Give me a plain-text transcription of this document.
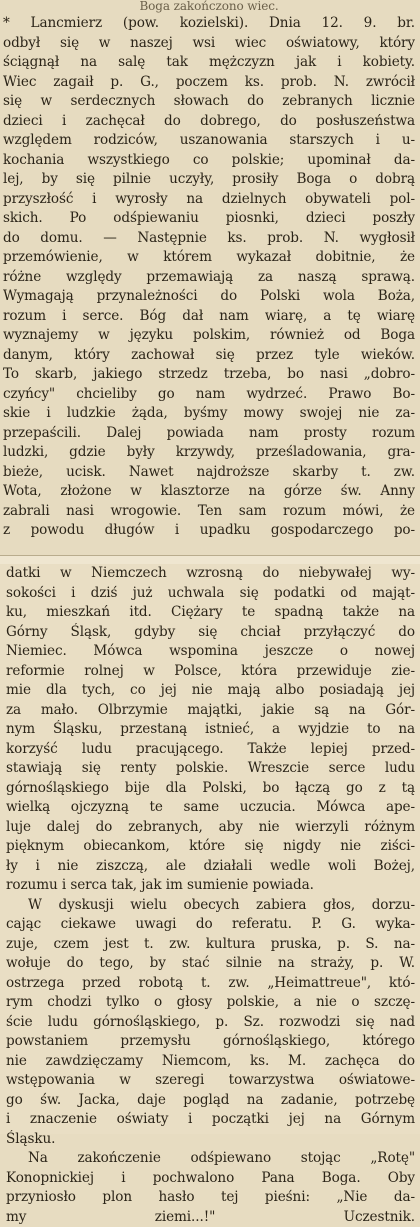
Boga zakończono wiec.
* Lancmierz (pow. kozielski). Dnia 12. 9. br.
odbył się w naszej wsi wiec oświatowy, który
ściągnął na salę tak mężczyzn jak i kobiety.
Wiec zagaił p. G., poczem ks. prob. N. zwrócił
się w serdecznych słowach do zebranych licznie
dzieci i zachęcał do dobrego, do posłuszeństwa
względem rodziców, uszanowania starszych i u-
kochania wszystkiego co polskie; upominał da-
lej, by się pilnie uczyły, prosiły Boga o dobrą
przyszłość i wyrosły na dzielnych obywateli pol-
skich. Po odśpiewaniu piosnki, dzieci poszły
do domu. — Następnie ks. prob. N. wygłosił
przemówienie, w którem wykazał dobitnie, że
różne względy przemawiają za naszą sprawą.
Wymagają przynależności do Polski wola Boża,
rozum i serce. Bóg dał nam wiarę, a tę wiarę
wyznajemy w języku polskim, również od Boga
danym, który zachował się przez tyle wieków.
To skarb, jakiego strzedz trzeba, bo nasi „dobro-
czyńcy" chcieliby go nam wydrzeć. Prawo Bo-
skie i ludzkie żąda, byśmy mowy swojej nie za-
przepaścili. Dalej powiada nam prosty rozum
ludzki, gdzie były krzywdy, prześladowania, gra-
bieże, ucisk. Nawet najdroższe skarby t. zw.
Wota, złożone w klasztorze na górze św. Anny
zabrali nasi wrogowie. Ten sam rozum mówi, że
z powodu długów i upadku gospodarczego po-
datki w Niemczech wzrosną do niebywałej wy-
sokości i dziś już uchwala się podatki od mająt-
ku, mieszkań itd. Ciężary te spadną także na
Górny Śląsk, gdyby się chciał przyłączyć do
Niemiec. Mówca wspomina jeszcze o nowej
reformie rolnej w Polsce, która przewiduje zie-
mie dla tych, co jej nie mają albo posiadają jej
za mało. Olbrzymie majątki, jakie są na Gór-
nym Śląsku, przestaną istnieć, a wyjdzie to na
korzyść ludu pracującego. Także lepiej przed-
stawiają się renty polskie. Wreszcie serce ludu
górnośląskiego bije dla Polski, bo łączą go z tą
wielką ojczyzną te same uczucia. Mówca ape-
luje dalej do zebranych, aby nie wierzyli różnym
pięknym obiecankom, które się nigdy nie ziści-
ły i nie ziszczą, ale działali wedle woli Bożej,
rozumu i serca tak, jak im sumienie powiada.
W dyskusji wielu obecych zabiera głos, dorzu-
cając ciekawe uwagi do referatu. P. G. wyka-
zuje, czem jest t. zw. kultura pruska, p. S. na-
wołuje do tego, by stać silnie na straży, p. W.
ostrzega przed robotą t. zw. „Heimattreue", któ-
rym chodzi tylko o głosy polskie, a nie o szczę-
ście ludu górnośląskiego, p. Sz. rozwodzi się nad
powstaniem przemysłu górnośląskiego, którego
nie zawdzięczamy Niemcom, ks. M. zachęca do
wstępowania w szeregi towarzystwa oświatowe-
go św. Jacka, daje pogląd na zadanie, potrzebę
i znaczenie oświaty i początki jej na Górnym
Śląsku.
Na zakończenie odśpiewano stojąc „Rotę"
Konopnickiej i pochwalono Pana Boga. Oby
przyniosło plon hasło tej pieśni: „Nie da-
my ziemi...!" Uczestnik.
